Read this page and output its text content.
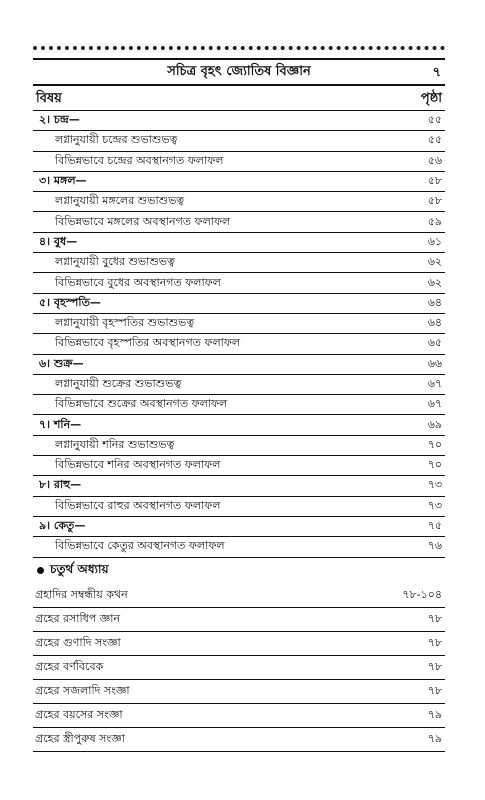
সচিত্র বৃহৎ জ্যোতিষ বিজ্ঞান	৭
বিষয়	পৃষ্ঠা
২। চন্দ্র—	৫৫
লগ্নানুযায়ী চন্দ্রের শুভাশুভত্ব	৫৫
বিভিন্নভাবে চন্দ্রের অবস্থানগত ফলাফল	৫৬
৩। মঙ্গল—	৫৮
লগ্নানুযায়ী মঙ্গলের শুভাশুভত্ব	৫৮
বিভিন্নভাবে মঙ্গলের অবস্থানগত ফলাফল	৫৯
৪। বুধ—	৬১
লগ্নানুযায়ী বুধের শুভাশুভত্ব	৬২
বিভিন্নভাবে বুধের অবস্থানগত ফলাফল	৬২
৫। বৃহস্পতি—	৬৪
লগ্নানুযায়ী বৃহস্পতির শুভাশুভত্ব	৬৪
বিভিন্নভাবে বৃহস্পতির অবস্থানগত ফলাফল	৬৫
৬। শুক্র—	৬৬
লগ্নানুযায়ী শুক্রের শুভাশুভত্ব	৬৭
বিভিন্নভাবে শুক্রের অবস্থানগত ফলাফল	৬৭
৭। শনি—	৬৯
লগ্নানুযায়ী শনির শুভাশুভত্ব	৭০
বিভিন্নভাবে শনির অবস্থানগত ফলাফল	৭০
৮। রাহু—	৭৩
বিভিন্নভাবে রাহুর অবস্থানগত ফলাফল	৭৩
৯। কেতু—	৭৫
বিভিন্নভাবে কেতুর অবস্থানগত ফলাফল	৭৬
চতুর্থ অধ্যায়
গ্রহাদির সম্বন্ধীয় কথন	৭৮-১০৪
গ্রহের রসাধিপ জ্ঞান	৭৮
গ্রহের গুণাদি সংজ্ঞা	৭৮
গ্রহের বর্ণবিবেক	৭৮
গ্রহের সজলাদি সংজ্ঞা	৭৮
গ্রহের বয়সের সংজ্ঞা	৭৯
গ্রহের স্ত্রীপুরুষ সংজ্ঞা	৭৯
